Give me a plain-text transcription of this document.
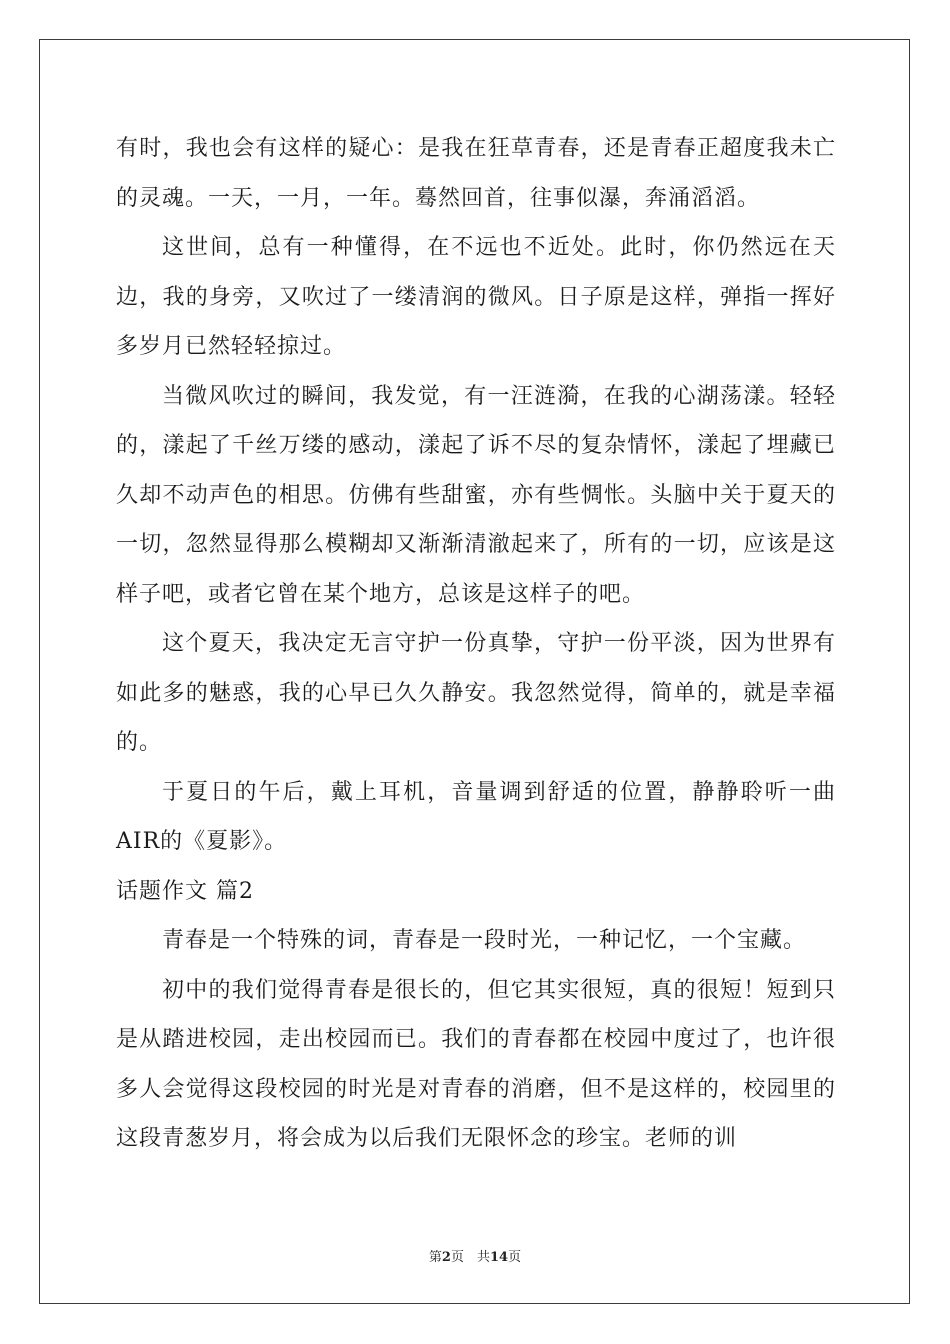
有时，我也会有这样的疑心：是我在狂草青春，还是青春正超度我未亡的灵魂。一天，一月，一年。蓦然回首，往事似瀑，奔涌滔滔。

这世间，总有一种懂得，在不远也不近处。此时，你仍然远在天边，我的身旁，又吹过了一缕清润的微风。日子原是这样，弹指一挥好多岁月已然轻轻掠过。

当微风吹过的瞬间，我发觉，有一汪涟漪，在我的心湖荡漾。轻轻的，漾起了千丝万缕的感动，漾起了诉不尽的复杂情怀，漾起了埋藏已久却不动声色的相思。仿佛有些甜蜜，亦有些惆怅。头脑中关于夏天的一切，忽然显得那么模糊却又渐渐清澈起来了，所有的一切，应该是这样子吧，或者它曾在某个地方，总该是这样子的吧。

这个夏天，我决定无言守护一份真挚，守护一份平淡，因为世界有如此多的魅惑，我的心早已久久静安。我忽然觉得，简单的，就是幸福的。

于夏日的午后，戴上耳机，音量调到舒适的位置，静静聆听一曲AIR的《夏影》。

话题作文 篇2

青春是一个特殊的词，青春是一段时光，一种记忆，一个宝藏。

初中的我们觉得青春是很长的，但它其实很短，真的很短！短到只是从踏进校园，走出校园而已。我们的青春都在校园中度过了，也许很多人会觉得这段校园的时光是对青春的消磨，但不是这样的，校园里的这段青葱岁月，将会成为以后我们无限怀念的珍宝。老师的训

第2页　共14页
